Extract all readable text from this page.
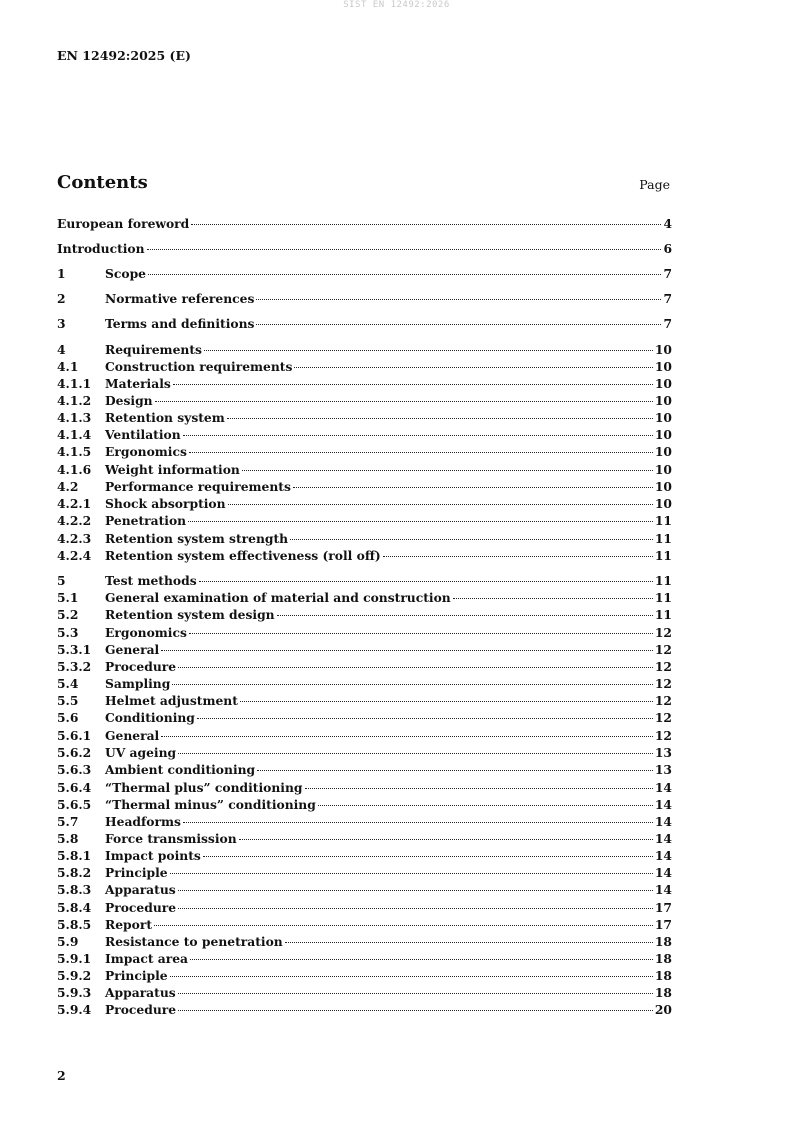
SIST EN 12492:2026
EN 12492:2025 (E)
Contents	Page
European foreword	4
Introduction	6
1	Scope	7
2	Normative references	7
3	Terms and definitions	7
4	Requirements	10
4.1	Construction requirements	10
4.1.1	Materials	10
4.1.2	Design	10
4.1.3	Retention system	10
4.1.4	Ventilation	10
4.1.5	Ergonomics	10
4.1.6	Weight information	10
4.2	Performance requirements	10
4.2.1	Shock absorption	10
4.2.2	Penetration	11
4.2.3	Retention system strength	11
4.2.4	Retention system effectiveness (roll off)	11
5	Test methods	11
5.1	General examination of material and construction	11
5.2	Retention system design	11
5.3	Ergonomics	12
5.3.1	General	12
5.3.2	Procedure	12
5.4	Sampling	12
5.5	Helmet adjustment	12
5.6	Conditioning	12
5.6.1	General	12
5.6.2	UV ageing	13
5.6.3	Ambient conditioning	13
5.6.4	“Thermal plus” conditioning	14
5.6.5	“Thermal minus” conditioning	14
5.7	Headforms	14
5.8	Force transmission	14
5.8.1	Impact points	14
5.8.2	Principle	14
5.8.3	Apparatus	14
5.8.4	Procedure	17
5.8.5	Report	17
5.9	Resistance to penetration	18
5.9.1	Impact area	18
5.9.2	Principle	18
5.9.3	Apparatus	18
5.9.4	Procedure	20
2
